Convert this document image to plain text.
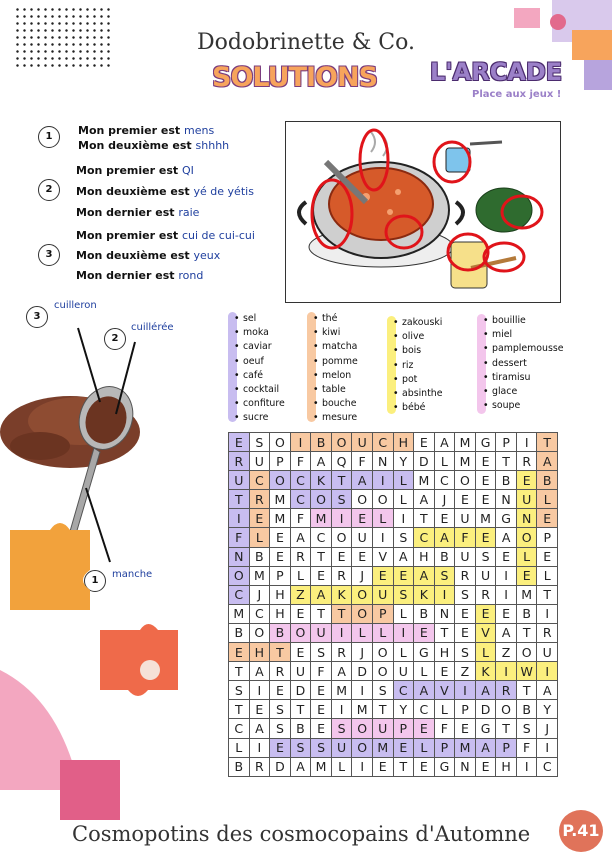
Dodobrinette & Co.
SOLUTIONS L'ARCADE
Place aux jeux !
1	Mon premier est mens
Mon deuxième est shhhh
2
Mon premier est QI
Mon deuxième est yé de yétis
Mon dernier est raie
3
Mon premier est cui de cui-cui
Mon deuxième est yeux
Mon dernier est rond
3
cuilleron
2
cuillérée
1
manche
• sel
• moka
• caviar
• oeuf
• café
• cocktail
• confiture
• sucre
• thé
• kiwi
• matcha
• pomme
• melon
• table
• bouche
• mesure
• zakouski
• olive
• bois
• riz
• pot
• absinthe
• bébé
• bouillie
• miel
• pamplemousse
• dessert
• tiramisu
• glace
• soupe
E	S	O	I	B	O	U	C	H	E	A	M	G	P	I	T
R	U	P	F	A	Q	F	N	Y	D	L	M	E	T	R	A
U	C	O	C	K	T	A	I	L	M	C	O	E	B	E	B
T	R	M	C	O	S	O	O	L	A	J	E	E	N	U	L
I	E	M	F	M	I	E	L	I	T	E	U	M	G	N	E
F	L	E	A	C	O	U	I	S	C	A	F	E	A	O	P
N	B	E	R	T	E	E	V	A	H	B	U	S	E	L	E
O	M	P	L	E	R	J	E	E	A	S	R	U	I	E	L
C	J	H	Z	A	K	O	U	S	K	I	S	R	I	M	T
M	C	H	E	T	T	O	P	L	B	N	E	E	E	B	I
B	O	B	O	U	I	L	L	I	E	T	E	V	A	T	R
E	H	T	E	S	R	J	O	L	G	H	S	L	Z	O	U
T	A	R	U	F	A	D	O	U	L	E	Z	K	I	W	I
S	I	E	D	E	M	I	S	C	A	V	I	A	R	T	A
T	E	S	T	E	I	M	T	Y	C	L	P	D	O	B	Y
C	A	S	B	E	S	O	U	P	E	F	E	G	T	S	J
L	I	E	S	S	U	O	M	E	L	P	M	A	P	F	I
B	R	D	A	M	L	I	E	T	E	G	N	E	H	I	C
Cosmopotins des cosmocopains d'Automne P.41
